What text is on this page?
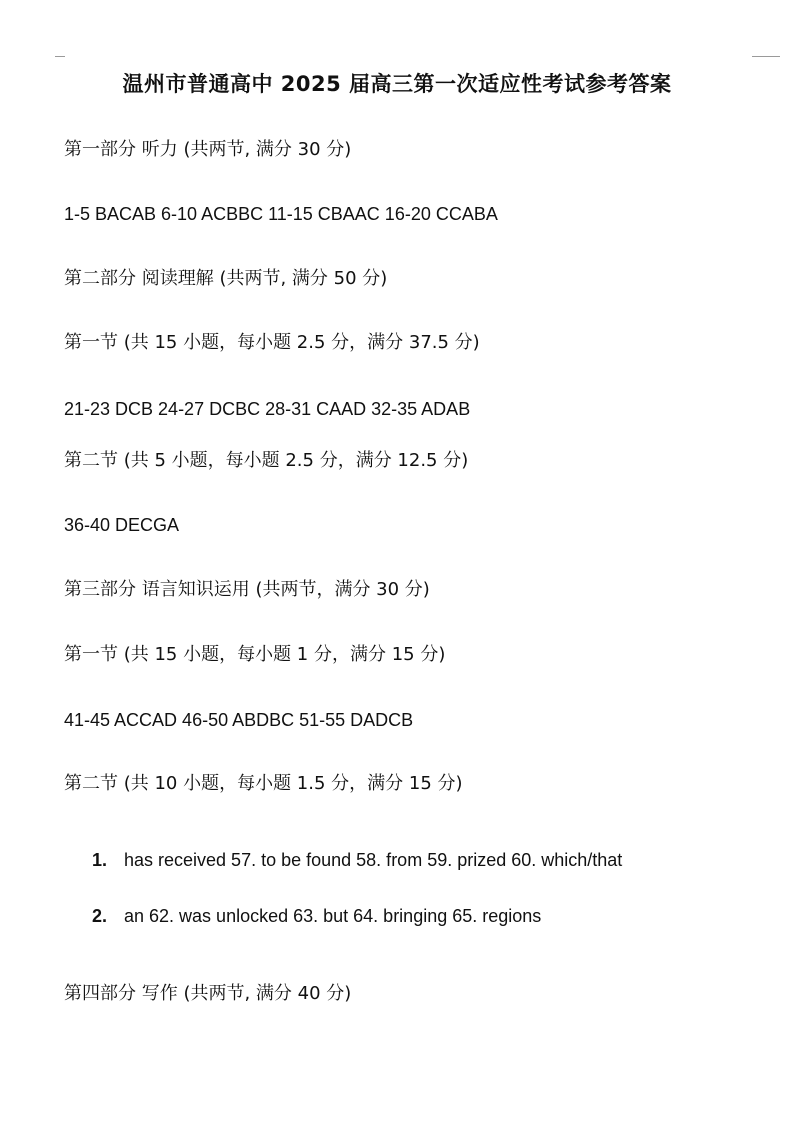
温州市普通高中 2025 届高三第一次适应性考试参考答案
第一部分 听力 (共两节, 满分 30 分)
1-5 BACAB 6-10 ACBBC 11-15 CBAAC 16-20 CCABA
第二部分 阅读理解 (共两节, 满分 50 分)
第一节 (共 15 小题，每小题 2.5 分，满分 37.5 分)
21-23 DCB 24-27 DCBC 28-31 CAAD 32-35 ADAB
第二节 (共 5 小题，每小题 2.5 分，满分 12.5 分)
36-40 DECGA
第三部分 语言知识运用 (共两节，满分 30 分)
第一节 (共 15 小题，每小题 1 分，满分 15 分)
41-45 ACCAD 46-50 ABDBC 51-55 DADCB
第二节 (共 10 小题，每小题 1.5 分，满分 15 分)
1. has received 57. to be found 58. from 59. prized 60. which/that
2. an 62. was unlocked 63. but 64. bringing 65. regions
第四部分 写作 (共两节, 满分 40 分)
